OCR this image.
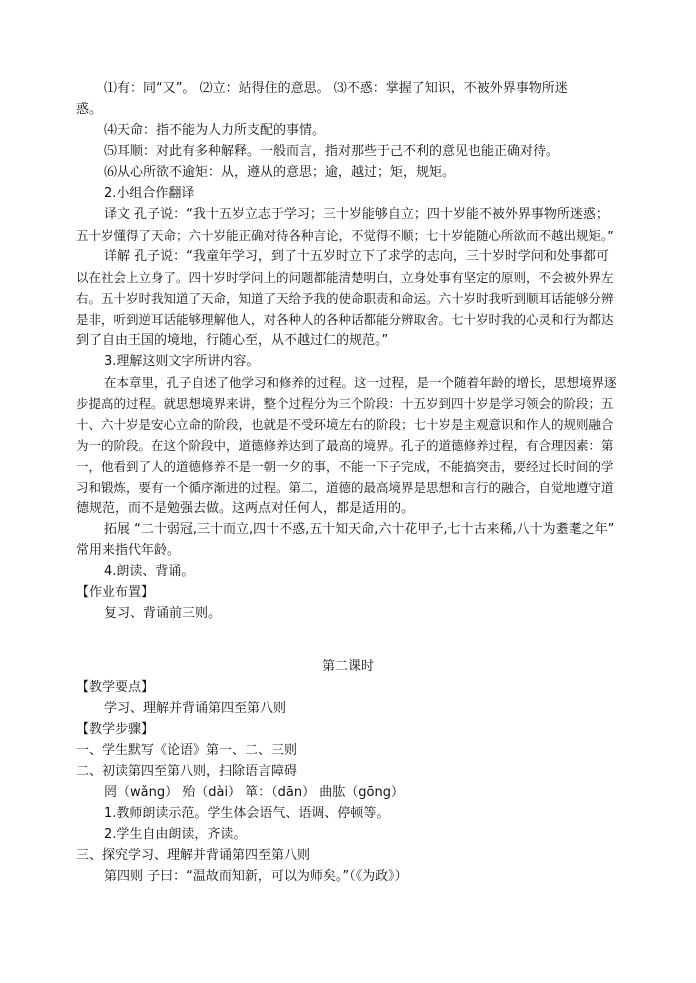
⑴有：同“又”。 ⑵立：站得住的意思。 ⑶不惑：掌握了知识，不被外界事物所迷
惑。
⑷天命：指不能为人力所支配的事情。
⑸耳顺：对此有多种解释。一般而言，指对那些于己不利的意见也能正确对待。
⑹从心所欲不逾矩：从，遵从的意思；逾，越过；矩，规矩。
2.小组合作翻译
译文 孔子说：“我十五岁立志于学习；三十岁能够自立；四十岁能不被外界事物所迷惑；
五十岁懂得了天命；六十岁能正确对待各种言论，不觉得不顺；七十岁能随心所欲而不越出规矩。”
详解 孔子说：“我童年学习，到了十五岁时立下了求学的志向，三十岁时学问和处事都可
以在社会上立身了。四十岁时学问上的问题都能清楚明白，立身处事有坚定的原则，不会被外界左
右。五十岁时我知道了天命，知道了天给予我的使命职责和命运。六十岁时我听到顺耳话能够分辨
是非，听到逆耳话能够理解他人，对各种人的各种话都能分辨取舍。七十岁时我的心灵和行为都达
到了自由王国的境地，行随心至，从不越过仁的规范。”
3.理解这则文字所讲内容。
在本章里，孔子自述了他学习和修养的过程。这一过程，是一个随着年龄的增长，思想境界逐
步提高的过程。就思想境界来讲，整个过程分为三个阶段：十五岁到四十岁是学习领会的阶段；五
十、六十岁是安心立命的阶段，也就是不受环境左右的阶段；七十岁是主观意识和作人的规则融合
为一的阶段。在这个阶段中，道德修养达到了最高的境界。孔子的道德修养过程，有合理因素：第
一，他看到了人的道德修养不是一朝一夕的事，不能一下子完成，不能搞突击，要经过长时间的学
习和锻炼，要有一个循序渐进的过程。第二，道德的最高境界是思想和言行的融合，自觉地遵守道
德规范，而不是勉强去做。这两点对任何人，都是适用的。
拓展 “二十弱冠,三十而立,四十不惑,五十知天命,六十花甲子,七十古来稀,八十为耋耄之年”
常用来指代年龄。
4.朗读、背诵。
【作业布置】
复习、背诵前三则。
第二课时
【教学要点】
学习、理解并背诵第四至第八则
【教学步骤】
一、学生默写《论语》第一、二、三则
二、初读第四至第八则，扫除语言障碍
罔（wǎng） 殆（dài） 箪：（dān） 曲肱（gōng）
1.教师朗读示范。学生体会语气、语调、停顿等。
2.学生自由朗读，齐读。
三、探究学习、理解并背诵第四至第八则
第四则 子曰：“温故而知新，可以为师矣。”（《为政》）
